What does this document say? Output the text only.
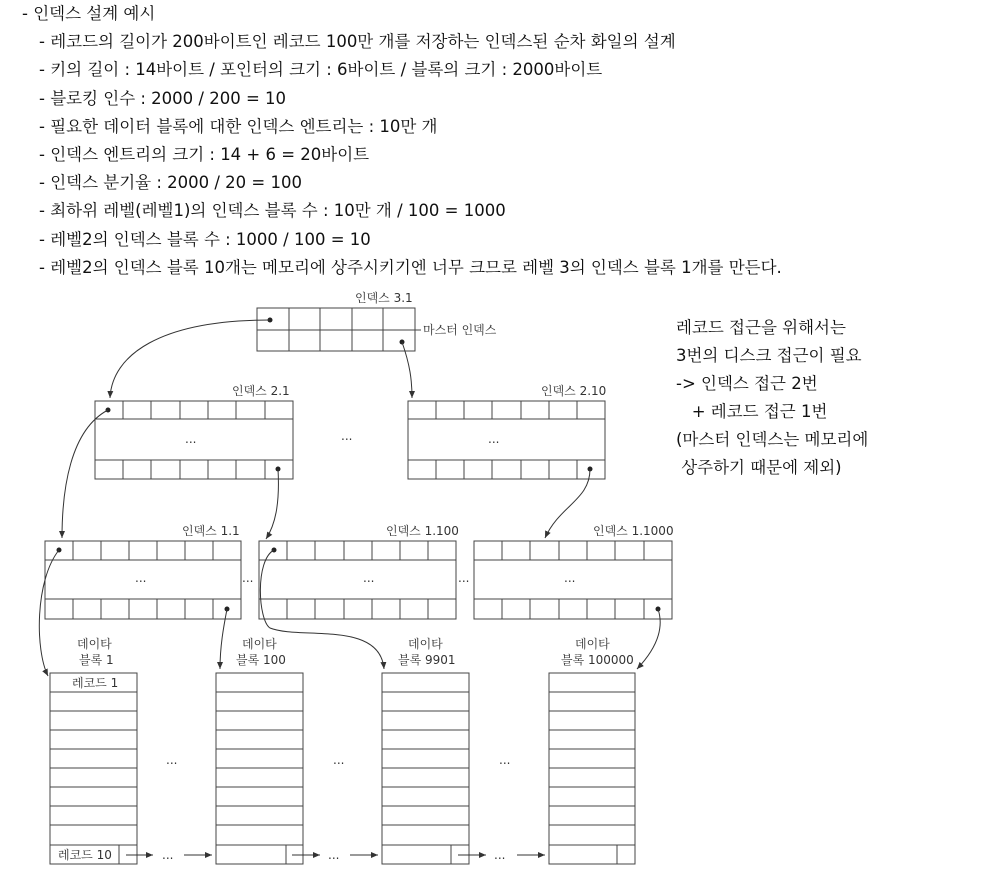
- 인덱스 설계 예시
- 레코드의 길이가 200바이트인 레코드 100만 개를 저장하는 인덱스된 순차 화일의 설계
- 키의 길이 : 14바이트 / 포인터의 크기 : 6바이트 / 블록의 크기 : 2000바이트
- 블로킹 인수 : 2000 / 200 = 10
- 필요한 데이터 블록에 대한 인덱스 엔트리는 : 10만 개
- 인덱스 엔트리의 크기 : 14 + 6 = 20바이트
- 인덱스 분기율 : 2000 / 20 = 100
- 최하위 레벨(레벨1)의 인덱스 블록 수 : 10만 개 / 100 = 1000
- 레벨2의 인덱스 블록 수 : 1000 / 100 = 10
- 레벨2의 인덱스 블록 10개는 메모리에 상주시키기엔 너무 크므로 레벨 3의 인덱스 블록 1개를 만든다.
레코드 접근을 위해서는
3번의 디스크 접근이 필요
-> 인덱스 접근 2번
+ 레코드 접근 1번
(마스터 인덱스는 메모리에
상주하기 때문에 제외)
인덱스 3.1
마스터 인덱스
...
인덱스 2.1
...
...
인덱스 2.10
...
인덱스 1.1
...	...
인덱스 1.100
...	...
인덱스 1.1000
레코드 1
레코드 10
데이타
블록 1
데이타
블록 100
데이타
블록 9901
데이타
블록 100000
...	...	...
...	...	...
